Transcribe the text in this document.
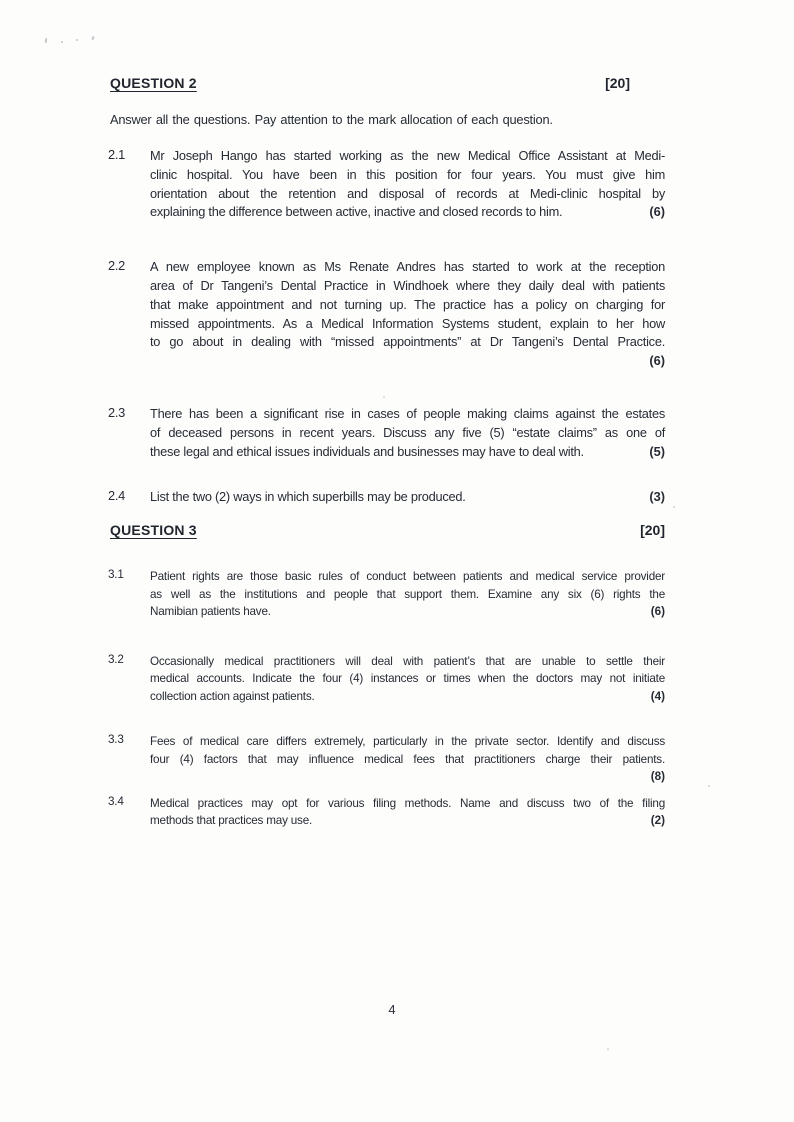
QUESTION 2	[20]

Answer all the questions. Pay attention to the mark allocation of each question.

2.1	Mr Joseph Hango has started working as the new Medical Office Assistant at Medi-
clinic hospital. You have been in this position for four years. You must give him
orientation about the retention and disposal of records at Medi-clinic hospital by
explaining the difference between active, inactive and closed records to him.	(6)
2.2	A new employee known as Ms Renate Andres has started to work at the reception
area of Dr Tangeni’s Dental Practice in Windhoek where they daily deal with patients
that make appointment and not turning up. The practice has a policy on charging for
missed appointments. As a Medical Information Systems student, explain to her how
to go about in dealing with “missed appointments” at Dr Tangeni’s Dental Practice.
(6)
2.3	There has been a significant rise in cases of people making claims against the estates
of deceased persons in recent years. Discuss any five (5) “estate claims” as one of
these legal and ethical issues individuals and businesses may have to deal with.	(5)
2.4	List the two (2) ways in which superbills may be produced.	(3)
QUESTION 3	[20]
3.1	Patient rights are those basic rules of conduct between patients and medical service provider
as well as the institutions and people that support them. Examine any six (6) rights the
Namibian patients have.	(6)
3.2	Occasionally medical practitioners will deal with patient’s that are unable to settle their
medical accounts. Indicate the four (4) instances or times when the doctors may not initiate
collection action against patients.	(4)
3.3	Fees of medical care differs extremely, particularly in the private sector. Identify and discuss
four (4) factors that may influence medical fees that practitioners charge their patients.
(8)
3.4	Medical practices may opt for various filing methods. Name and discuss two of the filing
methods that practices may use.	(2)
4
